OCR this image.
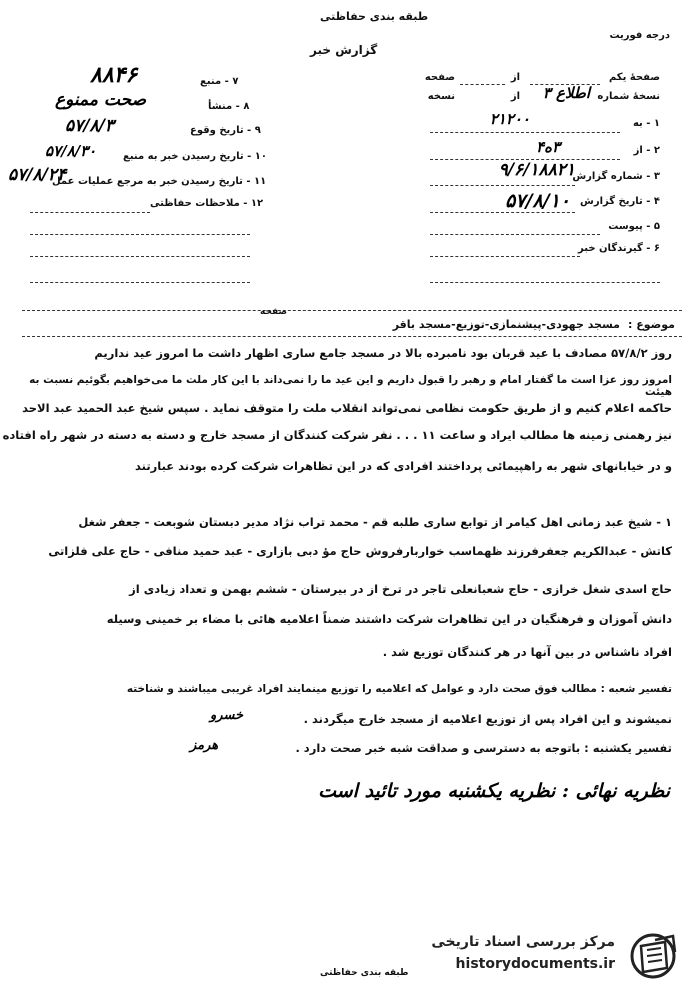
طبقه بندی حفاظتی
گزارش خبر
درجه فوریت
صفحهٔ یکم
از
صفحه
نسخهٔ شماره
از
نسخه	اطلاع ۳
۱ - به
۲۱۲۰۰
۲ - از
۳ه۴
۳ - شماره گزارش
۹/۶/۱۸۸۲۱
۴ - تاریخ گزارش
۵۷/۸/۱۰
۵ - پیوست
۶ - گیرندگان خبر
۷ - منبع
۸۸۴۶
۸ - منشأ
صحت ممنوع
۹ - تاریخ وقوع
۵۷/۸/۳
۱۰ - تاریخ رسیدن خبر به منبع
۵۷/۸/۳۰
۱۱ - تاریخ رسیدن خبر به مرجع عملیات عمل
۵۷/۸/۲۴
۱۲ - ملاحظات حفاظتی
موضوع :
مسجد جهودی-پیشنمازی-توزیع-مسجد باقر
صفحه
روز ۵۷/۸/۲ مصادف با عید قربان بود نامبرده بالا در مسجد جامع ساری اظهار داشت ما امروز عید نداریم
امروز روز عزا است ما گفتار امام و رهبر را قبول داریم و این عید ما را نمی‌داند با این کار ملت ما می‌خواهیم بگوئیم نسبت به هیئت
حاکمه اعلام کنیم و از طریق حکومت نظامی نمی‌تواند انقلاب ملت را متوقف نماید . سپس شیخ عبد الحمید عبد الاحد
نیز رهمنی زمینه ها مطالب ایراد و ساعت ۱۱ . . . نفر شرکت کنندگان از مسجد خارج و دسته به دسته در شهر راه افتاده
و در خیابانهای شهر به راهپیمائی پرداختند افرادی که در این تظاهرات شرکت کرده بودند عبارتند
۱ - شیخ عبد زمانی اهل کیامر از توابع ساری طلبه قم - محمد تراب نژاد مدیر دبستان شوبعت - جعفر شغل
کاتش - عبدالکریم جعفرفرزند ظهماسب خواربارفروش حاج مؤ دبی بازاری - عبد حمید منافی - حاج علی فلزاتی
حاج اسدی شغل خرازی - حاج شعبانعلی تاجر در ترخ از در بیرستان - ششم بهمن و تعداد زیادی از
دانش آموزان و فرهنگیان در این تظاهرات شرکت داشتند ضمناً اعلامیه هائی با مضاء بر خمینی وسیله
افراد ناشناس در بین آنها در هر کنندگان توزیع شد .
تفسیر شعبه : مطالب فوق صحت دارد و عوامل که اعلامیه را توزیع مینمایند افراد غریبی میباشند و شناخته
نمیشوند و این افراد پس از توزیع اعلامیه از مسجد خارج میگردند .
تفسیر یکشنبه : باتوجه به دسترسی و صداقت شبه خبر صحت دارد .
خسرو
هرمز
نظریه نهائی : نظریه یکشنبه مورد تائید است
طبقه بندی حفاظتی
مرکز بررسی اسناد تاریخی
historydocuments.ir
